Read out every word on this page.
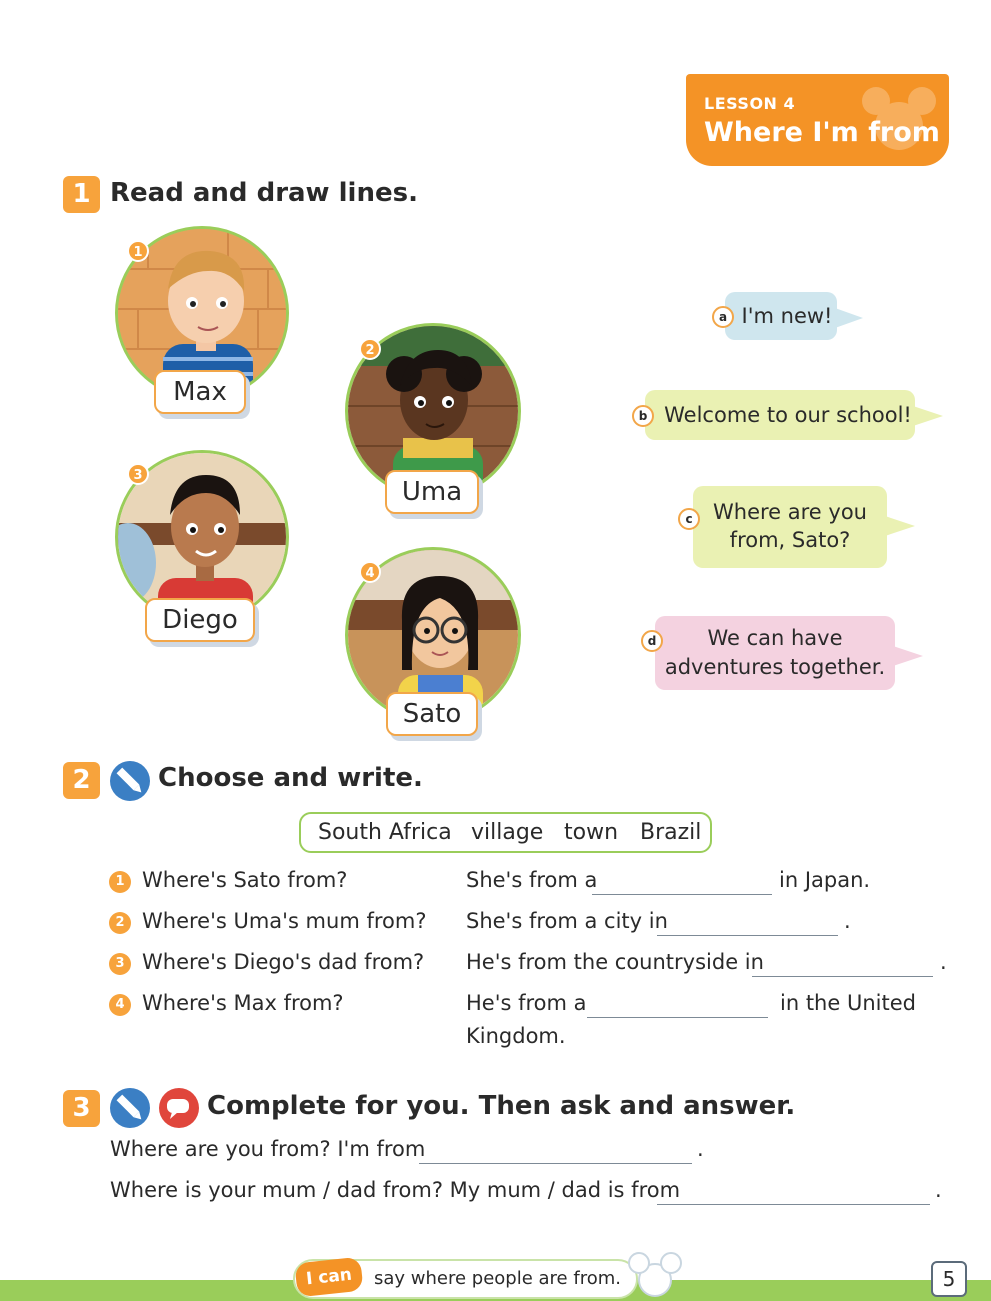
LESSON 4
Where I'm from
1 Read and draw lines.
1
Max
2
Uma
3
Diego
4
Sato
I'm new!
a
Welcome to our school!
b
Where are you
from, Sato?
c
We can have
adventures together.
d
2	Choose and write.
South Africa village town Brazil
1 Where's Sato from?	She's from a	in Japan.
2 Where's Uma's mum from? She's from a city in	.
3 Where's Diego's dad from? He's from the countryside in	.
4 Where's Max from?	He's from a	in the United
Kingdom.
3	Complete for you. Then ask and answer.
Where are you from? I'm from	.
Where is your mum / dad from? My mum / dad is from	.
I can	say where people are from.	5
